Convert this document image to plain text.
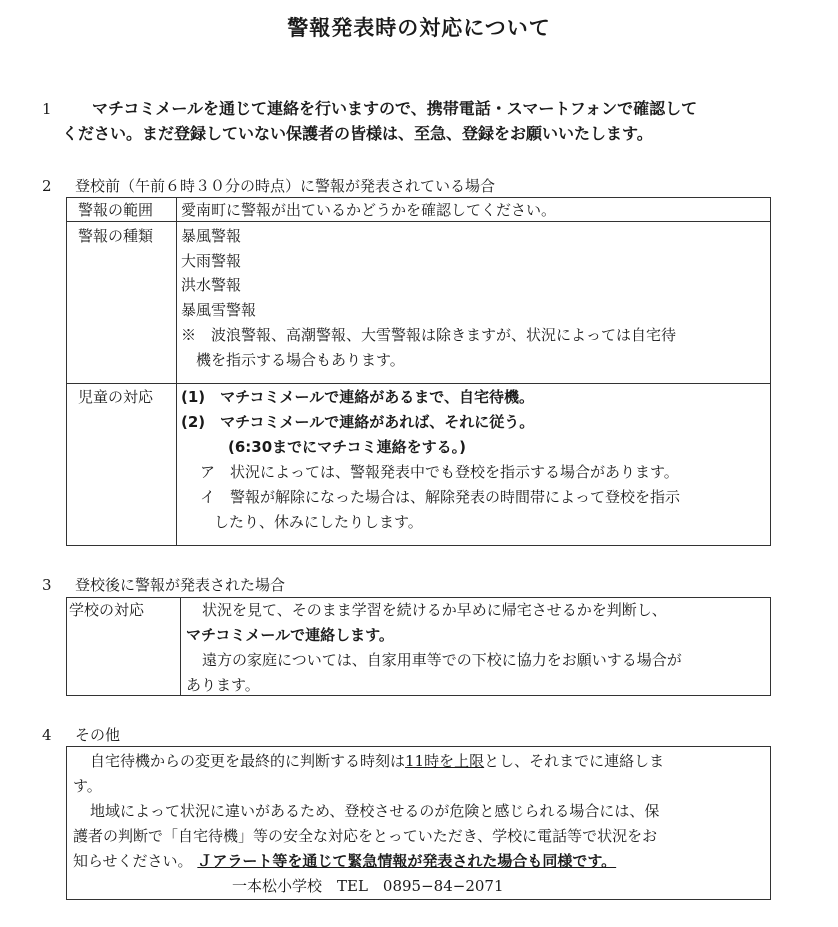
警報発表時の対応について
1	マチコミメールを通じて連絡を行いますので、携帯電話・スマートフォンで確認して
ください。まだ登録していない保護者の皆様は、至急、登録をお願いいたします。
2 登校前（午前６時３０分の時点）に警報が発表されている場合
警報の範囲 愛南町に警報が出ているかどうかを確認してください。
警報の種類 暴風警報
大雨警報
洪水警報
暴風雪警報
※　波浪警報、高潮警報、大雪警報は除きますが、状況によっては自宅待
　機を指示する場合もあります。
児童の対応 (1)　マチコミメールで連絡があるまで、自宅待機。
(2)　マチコミメールで連絡があれば、それに従う。
(6:30までにマチコミ連絡をする。)
ア　状況によっては、警報発表中でも登校を指示する場合があります。
イ　警報が解除になった場合は、解除発表の時間帯によって登校を指示
したり、休みにしたりします。
3 登校後に警報が発表された場合
学校の対応	状況を見て、そのまま学習を続けるか早めに帰宅させるかを判断し、
マチコミメールで連絡します。
遠方の家庭については、自家用車等での下校に協力をお願いする場合が
あります。
4 その他
自宅待機からの変更を最終的に判断する時刻は11時を上限とし、それまでに連絡しま
す。
地域によって状況に違いがあるため、登校させるのが危険と感じられる場合には、保
護者の判断で「自宅待機」等の安全な対応をとっていただき、学校に電話等で状況をお
知らせください。 Ｊアラート等を通じて緊急情報が発表された場合も同様です。
一本松小学校　TEL　0895−84−2071
